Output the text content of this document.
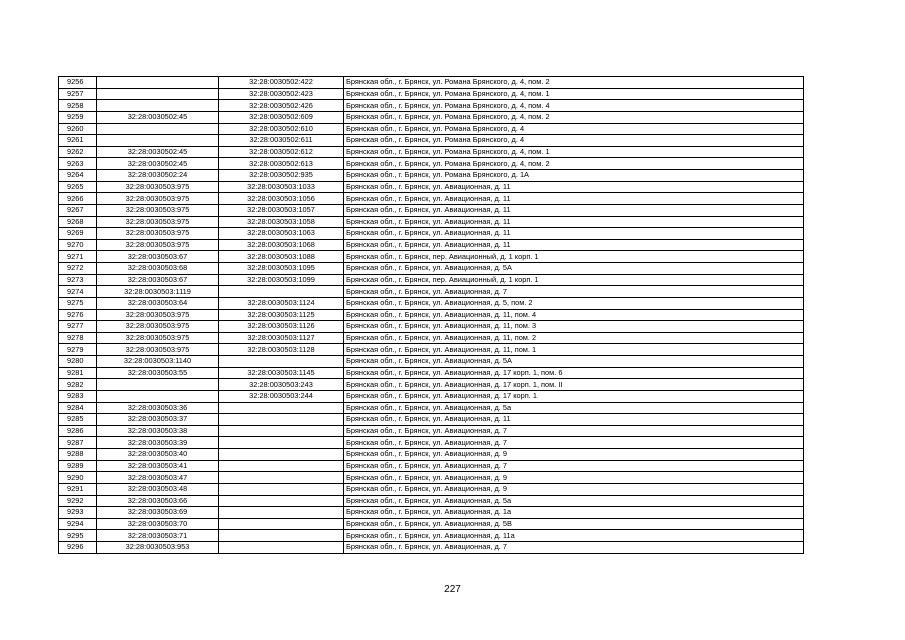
9256		32:28:0030502:422	Брянская обл., г. Брянск, ул. Романа Брянского, д. 4, пом. 2
9257		32:28:0030502:423	Брянская обл., г. Брянск, ул. Романа Брянского, д. 4, пом. 1
9258		32:28:0030502:426	Брянская обл., г. Брянск, ул. Романа Брянского, д. 4, пом. 4
9259	32:28:0030502:45	32:28:0030502:609	Брянская обл., г. Брянск, ул. Романа Брянского, д. 4, пом. 2
9260		32:28:0030502:610	Брянская обл., г. Брянск, ул. Романа Брянского, д. 4
9261		32:28:0030502:611	Брянская обл., г. Брянск, ул. Романа Брянского, д. 4
9262	32:28:0030502:45	32:28:0030502:612	Брянская обл., г. Брянск, ул. Романа Брянского, д. 4, пом. 1
9263	32:28:0030502:45	32:28:0030502:613	Брянская обл., г. Брянск, ул. Романа Брянского, д. 4, пом. 2
9264	32:28:0030502:24	32:28:0030502:935	Брянская обл., г. Брянск, ул. Романа Брянского, д. 1А
9265	32:28:0030503:975	32:28:0030503:1033	Брянская обл., г. Брянск, ул. Авиационная, д. 11
9266	32:28:0030503:975	32:28:0030503:1056	Брянская обл., г. Брянск, ул. Авиационная, д. 11
9267	32:28:0030503:975	32:28:0030503:1057	Брянская обл., г. Брянск, ул. Авиационная, д. 11
9268	32:28:0030503:975	32:28:0030503:1058	Брянская обл., г. Брянск, ул. Авиационная, д. 11
9269	32:28:0030503:975	32:28:0030503:1063	Брянская обл., г. Брянск, ул. Авиационная, д. 11
9270	32:28:0030503:975	32:28:0030503:1068	Брянская обл., г. Брянск, ул. Авиационная, д. 11
9271	32:28:0030503:67	32:28:0030503:1088	Брянская обл., г. Брянск, пер. Авиационный, д. 1 корп. 1
9272	32:28:0030503:68	32:28:0030503:1095	Брянская обл., г. Брянск, ул. Авиационная, д. 5А
9273	32:28:0030503:67	32:28:0030503:1099	Брянская обл., г. Брянск, пер. Авиационный, д. 1 корп. 1
9274	32:28:0030503:1119		Брянская обл., г. Брянск, ул. Авиационная, д. 7
9275	32:28:0030503:64	32:28:0030503:1124	Брянская обл., г. Брянск, ул. Авиационная, д. 5, пом. 2
9276	32:28:0030503:975	32:28:0030503:1125	Брянская обл., г. Брянск, ул. Авиационная, д. 11, пом. 4
9277	32:28:0030503:975	32:28:0030503:1126	Брянская обл., г. Брянск, ул. Авиационная, д. 11, пом. 3
9278	32:28:0030503:975	32:28:0030503:1127	Брянская обл., г. Брянск, ул. Авиационная, д. 11, пом. 2
9279	32:28:0030503:975	32:28:0030503:1128	Брянская обл., г. Брянск, ул. Авиационная, д. 11, пом. 1
9280	32:28:0030503:1140		Брянская обл., г. Брянск, ул. Авиационная, д. 5А
9281	32:28:0030503:55	32:28:0030503:1145	Брянская обл., г. Брянск, ул. Авиационная, д. 17 корп. 1, пом. 6
9282		32:28:0030503:243	Брянская обл., г. Брянск, ул. Авиационная, д. 17 корп. 1, пом. II
9283		32:28:0030503:244	Брянская обл., г. Брянск, ул. Авиационная, д. 17 корп. 1
9284	32:28:0030503:36		Брянская обл., г. Брянск, ул. Авиационная, д. 5а
9285	32:28:0030503:37		Брянская обл., г. Брянск, ул. Авиационная, д. 11
9286	32:28:0030503:38		Брянская обл., г. Брянск, ул. Авиационная, д. 7
9287	32:28:0030503:39		Брянская обл., г. Брянск, ул. Авиационная, д. 7
9288	32:28:0030503:40		Брянская обл., г. Брянск, ул. Авиационная, д. 9
9289	32:28:0030503:41		Брянская обл., г. Брянск, ул. Авиационная, д. 7
9290	32:28:0030503:47		Брянская обл., г. Брянск, ул. Авиационная, д. 9
9291	32:28:0030503:48		Брянская обл., г. Брянск, ул. Авиационная, д. 9
9292	32:28:0030503:66		Брянская обл., г. Брянск, ул. Авиационная, д. 5а
9293	32:28:0030503:69		Брянская обл., г. Брянск, ул. Авиационная, д. 1а
9294	32:28:0030503:70		Брянская обл., г. Брянск, ул. Авиационная, д. 5В
9295	32:28:0030503:71		Брянская обл., г. Брянск, ул. Авиационная, д. 11а
9296	32:28:0030503:953		Брянская обл., г. Брянск, ул. Авиационная, д. 7
227
